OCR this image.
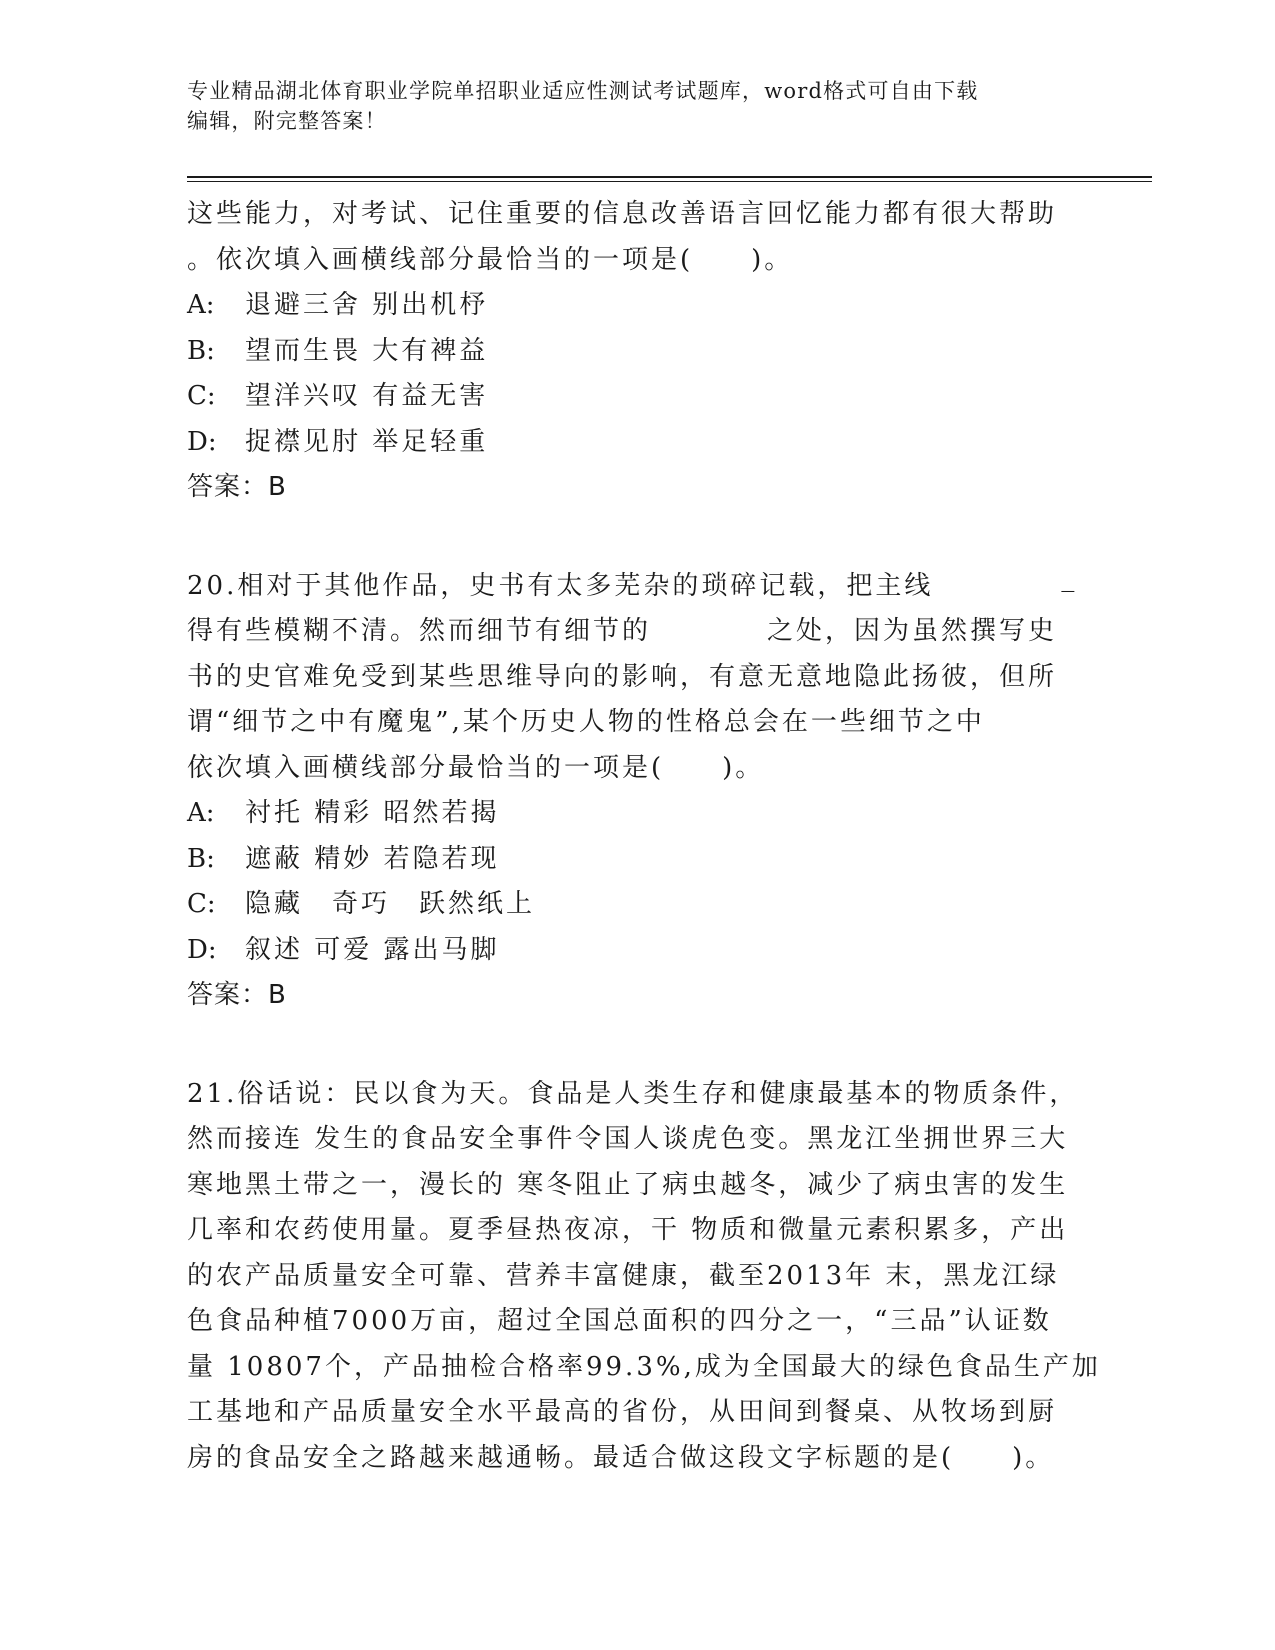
专业精品湖北体育职业学院单招职业适应性测试考试题库，word格式可自由下载
编辑，附完整答案！
这些能力，对考试、记住重要的信息改善语言回忆能力都有很大帮助
。依次填入画横线部分最恰当的一项是(　　)。
A: 退避三舍 别出机杼
B: 望而生畏 大有裨益
C: 望洋兴叹 有益无害
D: 捉襟见肘 举足轻重
答案：B
20.相对于其他作品，史书有太多芜杂的琐碎记载，把主线	_
得有些模糊不清。然而细节有细节的	之处，因为虽然撰写史
书的史官难免受到某些思维导向的影响，有意无意地隐此扬彼，但所
谓“细节之中有魔鬼”,某个历史人物的性格总会在一些细节之中
依次填入画横线部分最恰当的一项是(　　)。
A: 衬托 精彩 昭然若揭
B: 遮蔽 精妙 若隐若现
C: 隐藏　奇巧　跃然纸上
D: 叙述 可爱 露出马脚
答案：B
21.俗话说：民以食为天。食品是人类生存和健康最基本的物质条件，
然而接连 发生的食品安全事件令国人谈虎色变。黑龙江坐拥世界三大
寒地黑土带之一，漫长的 寒冬阻止了病虫越冬，减少了病虫害的发生
几率和农药使用量。夏季昼热夜凉，干 物质和微量元素积累多，产出
的农产品质量安全可靠、营养丰富健康，截至2013年 末，黑龙江绿
色食品种植7000万亩，超过全国总面积的四分之一，“三品”认证数
量 10807个，产品抽检合格率99.3%,成为全国最大的绿色食品生产加
工基地和产品质量安全水平最高的省份，从田间到餐桌、从牧场到厨
房的食品安全之路越来越通畅。最适合做这段文字标题的是(　　)。
